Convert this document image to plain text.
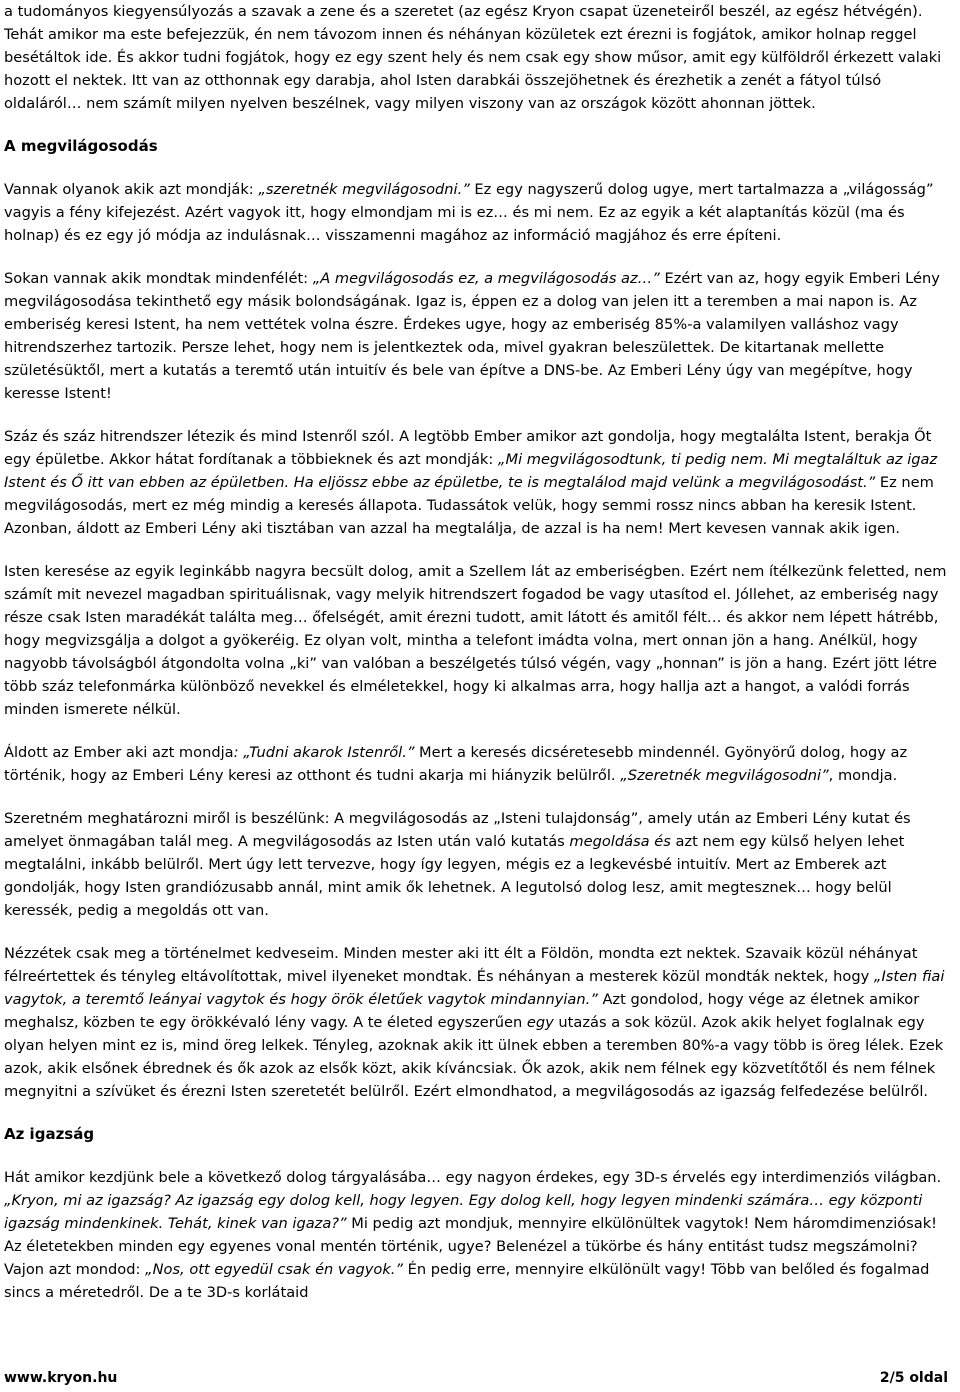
a tudományos kiegyensúlyozás a szavak a zene és a szeretet (az egész Kryon csapat üzeneteiről beszél, az egész hétvégén). Tehát amikor ma este befejezzük, én nem távozom innen és néhányan közületek ezt érezni is fogjátok, amikor holnap reggel besétáltok ide. És akkor tudni fogjátok, hogy ez egy szent hely és nem csak egy show műsor, amit egy külföldről érkezett valaki hozott el nektek. Itt van az otthonnak egy darabja, ahol Isten darabkái összejöhetnek és érezhetik a zenét a fátyol túlsó oldaláról… nem számít milyen nyelven beszélnek, vagy milyen viszony van az országok között ahonnan jöttek.

A megvilágosodás

Vannak olyanok akik azt mondják: „szeretnék megvilágosodni.” Ez egy nagyszerű dolog ugye, mert tartalmazza a „világosság” vagyis a fény kifejezést. Azért vagyok itt, hogy elmondjam mi is ez… és mi nem. Ez az egyik a két alaptanítás közül (ma és holnap) és ez egy jó módja az indulásnak… visszamenni magához az információ magjához és erre építeni.

Sokan vannak akik mondtak mindenfélét: „A megvilágosodás ez, a megvilágosodás az…” Ezért van az, hogy egyik Emberi Lény megvilágosodása tekinthető egy másik bolondságának. Igaz is, éppen ez a dolog van jelen itt a teremben a mai napon is. Az emberiség keresi Istent, ha nem vettétek volna észre. Érdekes ugye, hogy az emberiség 85%-a valamilyen valláshoz vagy hitrendszerhez tartozik. Persze lehet, hogy nem is jelentkeztek oda, mivel gyakran beleszülettek. De kitartanak mellette születésüktől, mert a kutatás a teremtő után intuitív és bele van építve a DNS-be. Az Emberi Lény úgy van megépítve, hogy keresse Istent!

Száz és száz hitrendszer létezik és mind Istenről szól. A legtöbb Ember amikor azt gondolja, hogy megtalálta Istent, berakja Őt egy épületbe. Akkor hátat fordítanak a többieknek és azt mondják: „Mi megvilágosodtunk, ti pedig nem. Mi megtaláltuk az igaz Istent és Ő itt van ebben az épületben. Ha eljössz ebbe az épületbe, te is megtalálod majd velünk a megvilágosodást.” Ez nem megvilágosodás, mert ez még mindig a keresés állapota. Tudassátok velük, hogy semmi rossz nincs abban ha keresik Istent. Azonban, áldott az Emberi Lény aki tisztában van azzal ha megtalálja, de azzal is ha nem! Mert kevesen vannak akik igen.

Isten keresése az egyik leginkább nagyra becsült dolog, amit a Szellem lát az emberiségben. Ezért nem ítélkezünk feletted, nem számít mit nevezel magadban spirituálisnak, vagy melyik hitrendszert fogadod be vagy utasítod el. Jóllehet, az emberiség nagy része csak Isten maradékát találta meg… őfelségét, amit érezni tudott, amit látott és amitől félt… és akkor nem lépett hátrébb, hogy megvizsgálja a dolgot a gyökeréig. Ez olyan volt, mintha a telefont imádta volna, mert onnan jön a hang. Anélkül, hogy nagyobb távolságból átgondolta volna „ki” van valóban a beszélgetés túlsó végén, vagy „honnan” is jön a hang. Ezért jött létre több száz telefonmárka különböző nevekkel és elméletekkel, hogy ki alkalmas arra, hogy hallja azt a hangot, a valódi forrás minden ismerete nélkül.

Áldott az Ember aki azt mondja: „Tudni akarok Istenről.” Mert a keresés dicséretesebb mindennél. Gyönyörű dolog, hogy az történik, hogy az Emberi Lény keresi az otthont és tudni akarja mi hiányzik belülről. „Szeretnék megvilágosodni”, mondja.

Szeretném meghatározni miről is beszélünk: A megvilágosodás az „Isteni tulajdonság”, amely után az Emberi Lény kutat és amelyet önmagában talál meg. A megvilágosodás az Isten után való kutatás megoldása és azt nem egy külső helyen lehet megtalálni, inkább belülről. Mert úgy lett tervezve, hogy így legyen, mégis ez a legkevésbé intuitív. Mert az Emberek azt gondolják, hogy Isten grandiózusabb annál, mint amik ők lehetnek. A legutolsó dolog lesz, amit megtesznek… hogy belül keressék, pedig a megoldás ott van.

Nézzétek csak meg a történelmet kedveseim. Minden mester aki itt élt a Földön, mondta ezt nektek. Szavaik közül néhányat félreértettek és tényleg eltávolítottak, mivel ilyeneket mondtak. És néhányan a mesterek közül mondták nektek, hogy „Isten fiai vagytok, a teremtő leányai vagytok és hogy örök életűek vagytok mindannyian.” Azt gondolod, hogy vége az életnek amikor meghalsz, közben te egy örökkévaló lény vagy. A te életed egyszerűen egy utazás a sok közül. Azok akik helyet foglalnak egy olyan helyen mint ez is, mind öreg lelkek. Tényleg, azoknak akik itt ülnek ebben a teremben 80%-a vagy több is öreg lélek. Ezek azok, akik elsőnek ébrednek és ők azok az elsők közt, akik kíváncsiak. Ők azok, akik nem félnek egy közvetítőtől és nem félnek megnyitni a szívüket és érezni Isten szeretetét belülről. Ezért elmondhatod, a megvilágosodás az igazság felfedezése belülről.

Az igazság

Hát amikor kezdjünk bele a következő dolog tárgyalásába… egy nagyon érdekes, egy 3D-s érvelés egy interdimenziós világban. „Kryon, mi az igazság? Az igazság egy dolog kell, hogy legyen. Egy dolog kell, hogy legyen mindenki számára… egy központi igazság mindenkinek. Tehát, kinek van igaza?” Mi pedig azt mondjuk, mennyire elkülönültek vagytok! Nem háromdimenziósak! Az életetekben minden egy egyenes vonal mentén történik, ugye? Belenézel a tükörbe és hány entitást tudsz megszámolni? Vajon azt mondod: „Nos, ott egyedül csak én vagyok.” Én pedig erre, mennyire elkülönült vagy! Több van belőled és fogalmad sincs a méretedről. De a te 3D-s korlátaid

www.kryon.hu	2/5 oldal
